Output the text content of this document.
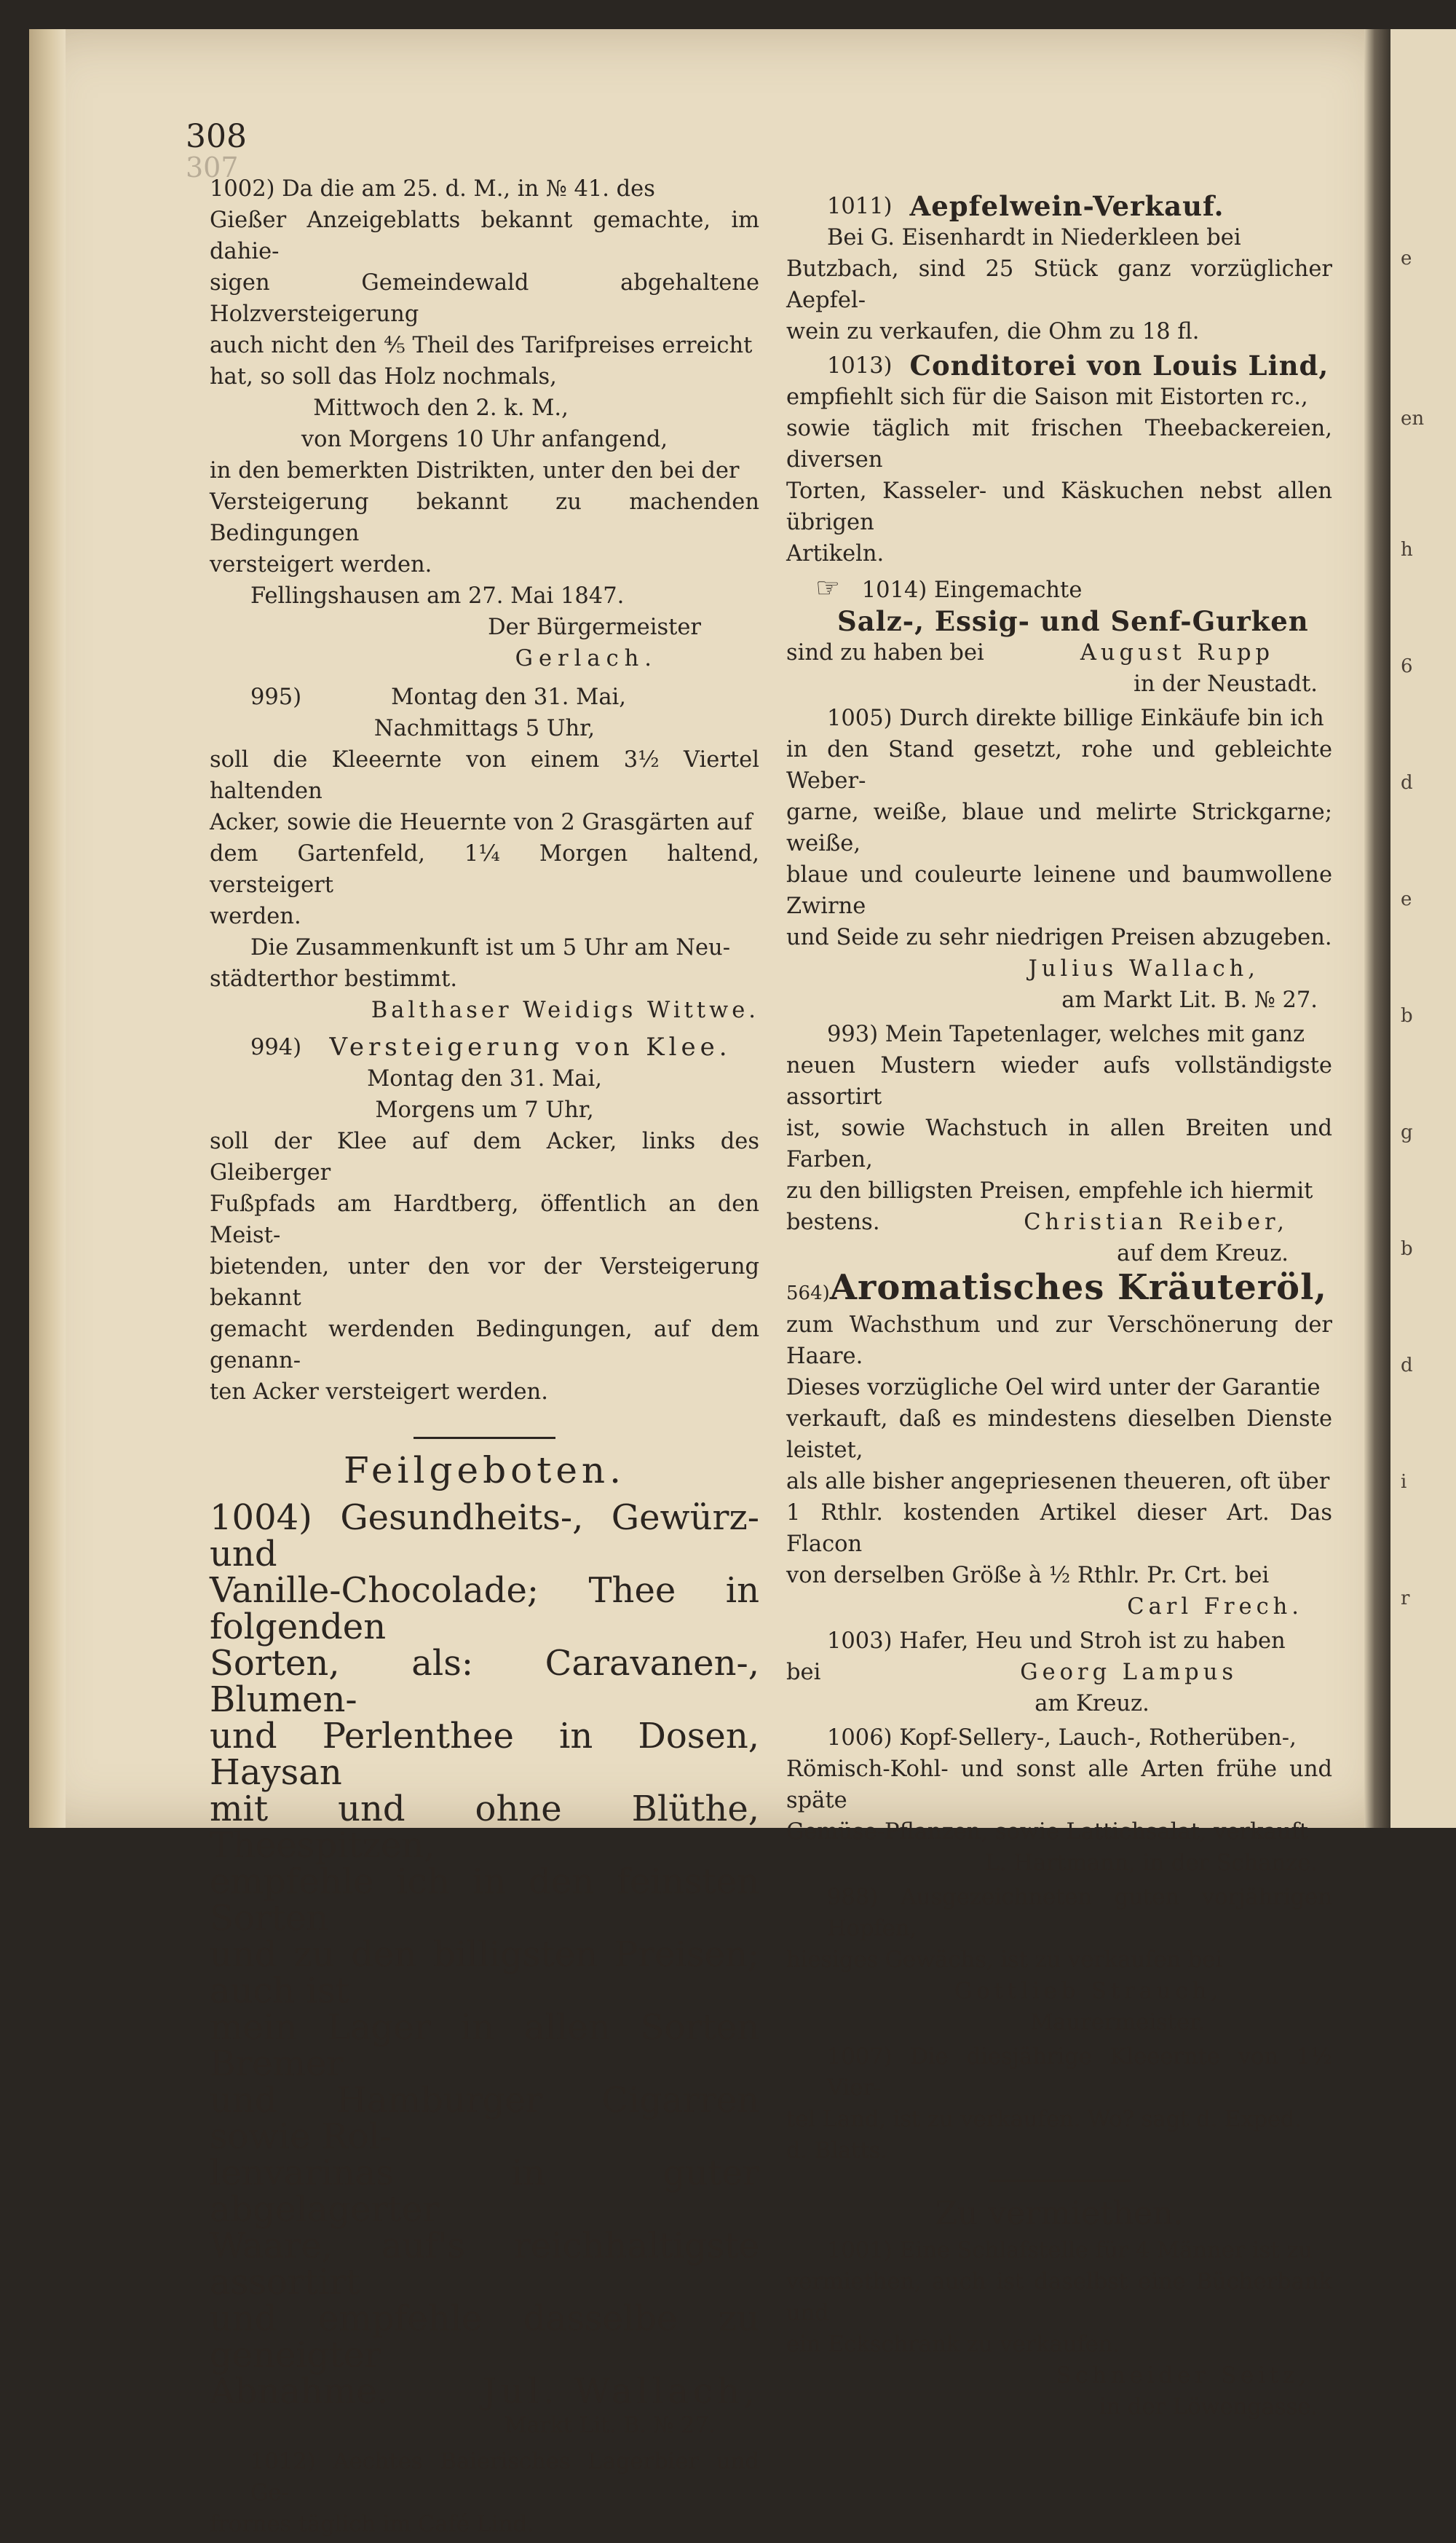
e
en
h
6
d
e
b
g
b
d
i
r
308
307
1002) Da die am 25. d. M., in № 41. des
Gießer Anzeigeblatts bekannt gemachte, im dahie-
sigen Gemeindewald abgehaltene Holzversteigerung
auch nicht den ⅘ Theil des Tarifpreises erreicht
hat, so soll das Holz nochmals,
Mittwoch den 2. k. M.,
von Morgens 10 Uhr anfangend,
in den bemerkten Distrikten, unter den bei der
Versteigerung bekannt zu machenden Bedingungen
versteigert werden.
Fellingshausen am 27. Mai 1847.
Der Bürgermeister
Gerlach.
995)	Montag den 31. Mai,
Nachmittags 5 Uhr,
soll die Kleeernte von einem 3½ Viertel haltenden
Acker, sowie die Heuernte von 2 Grasgärten auf
dem Gartenfeld, 1¼ Morgen haltend, versteigert
werden.
Die Zusammenkunft ist um 5 Uhr am Neu-
städterthor bestimmt.
Balthaser Weidigs Wittwe.
994)	Versteigerung von Klee.
Montag den 31. Mai,
Morgens um 7 Uhr,
soll der Klee auf dem Acker, links des Gleiberger
Fußpfads am Hardtberg, öffentlich an den Meist-
bietenden, unter den vor der Versteigerung bekannt
gemacht werdenden Bedingungen, auf dem genann-
ten Acker versteigert werden.
Feilgeboten.
1004) Gesundheits-, Gewürz- und
Vanille-Chocolade; Thee in folgenden
Sorten, als: Caravanen-, Blumen-
und Perlenthee in Dosen, Haysan
mit und ohne Blüthe, Theespitzen,
empfehle ich in den feinsten Sorten
und zu den billigsten Preisen; auch ist
mein Lager in allen Sorten Bremer
und Hamburger Cigarren sowie Rol-
lenvarinas in guter abgelagerter
Waare, auf's reichhaltigste assortirt
und empfehle dasselbe zu geneigter
Abnahme.	Jul. Wallach,
Markt Lit. B. № 27.
1012) Aechtes Baierisches Lagerbier und Ge-
frornes täglich im Café Lind.
1011) Aepfelwein-Verkauf.
Bei G. Eisenhardt in Niederkleen bei
Butzbach, sind 25 Stück ganz vorzüglicher Aepfel-
wein zu verkaufen, die Ohm zu 18 fl.
1013) Conditorei von Louis Lind,
empfiehlt sich für die Saison mit Eistorten rc.,
sowie täglich mit frischen Theebackereien, diversen
Torten, Kasseler- und Käskuchen nebst allen übrigen
Artikeln.
☞ 1014) Eingemachte
Salz-, Essig- und Senf-Gurken
sind zu haben bei	August Rupp
in der Neustadt.
1005) Durch direkte billige Einkäufe bin ich
in den Stand gesetzt, rohe und gebleichte Weber-
garne, weiße, blaue und melirte Strickgarne; weiße,
blaue und couleurte leinene und baumwollene Zwirne
und Seide zu sehr niedrigen Preisen abzugeben.
Julius Wallach,
am Markt Lit. B. № 27.
993) Mein Tapetenlager, welches mit ganz
neuen Mustern wieder aufs vollständigste assortirt
ist, sowie Wachstuch in allen Breiten und Farben,
zu den billigsten Preisen, empfehle ich hiermit
bestens.	Christian Reiber,
auf dem Kreuz.
564) Aromatisches Kräuteröl,
zum Wachsthum und zur Verschönerung der Haare.
Dieses vorzügliche Oel wird unter der Garantie
verkauft, daß es mindestens dieselben Dienste leistet,
als alle bisher angepriesenen theueren, oft über
1 Rthlr. kostenden Artikel dieser Art. Das Flacon
von derselben Größe à ½ Rthlr. Pr. Crt. bei
Carl Frech.
1003) Hafer, Heu und Stroh ist zu haben
bei	Georg Lampus
am Kreuz.
1006) Kopf-Sellery-, Lauch-, Rotherüben-,
Römisch-Kohl- und sonst alle Arten frühe und späte
Gemüse-Pflanzen, sowie Lattichsalat, verkauft
L. Hartmann, in der Schanze.
988) Ausgezeichneten guten vorjährigen Hopfen,
hiesiges Gewächs, ist zu verkaufen bei
Gottlieb Strauch,
Maurermeister.
1007) Die diesjährige Kleeernte von 1½ Vier-
tel Land, ist zu verkaufen. Wo? sagt d. Exped.
d. Blatts.
Zu vermiethen.
1001) Eine Schlafstelle für 4 Männer ist zu
vermiethen, auch ist daselbst eine Bücherbank und
ein Eckschrank zu verkaufen.
Schneider Seitz,
in der Löwengasse.
